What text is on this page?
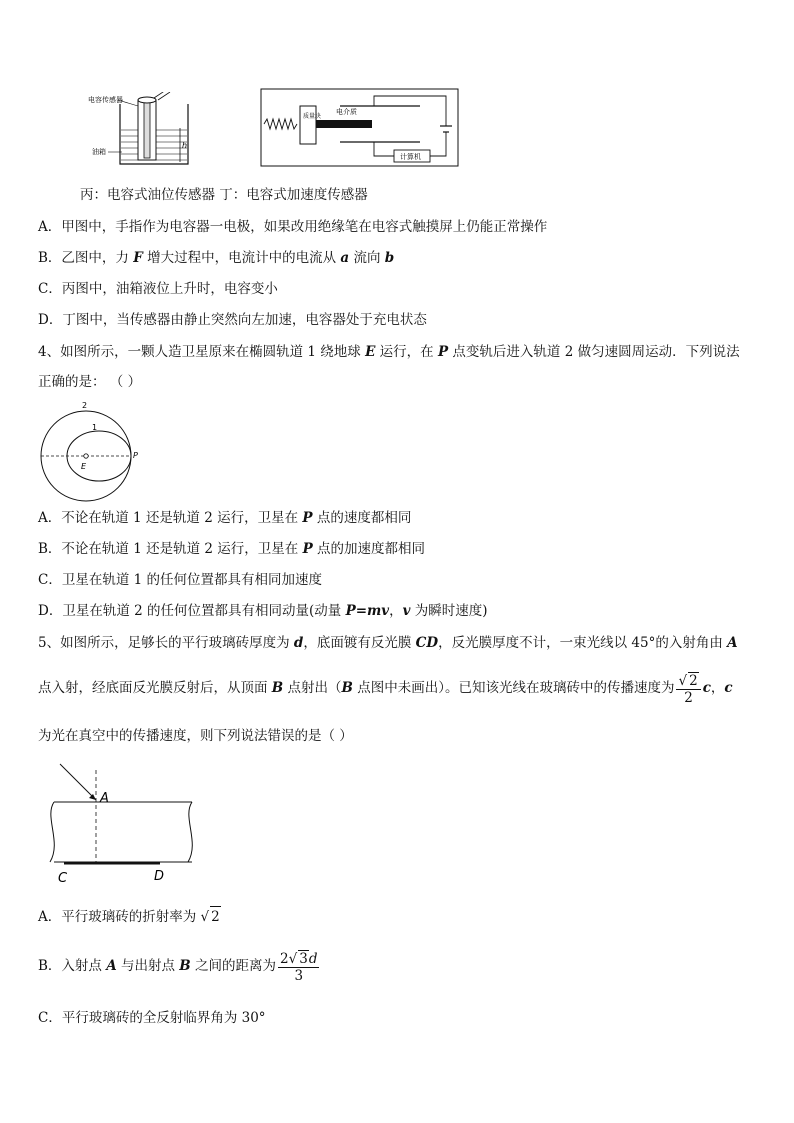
h
电容传感器
油箱
质量块
电介质
计算机
丙：电容式油位传感器 丁：电容式加速度传感器
A．甲图中，手指作为电容器一电极，如果改用绝缘笔在电容式触摸屏上仍能正常操作
B．乙图中，力 F 增大过程中，电流计中的电流从 a 流向 b
C．丙图中，油箱液位上升时，电容变小
D．丁图中，当传感器由静止突然向左加速，电容器处于充电状态
4、如图所示，一颗人造卫星原来在椭圆轨道 1 绕地球 E 运行，在 P 点变轨后进入轨道 2 做匀速圆周运动．下列说法
正确的是： （ ）
2
1
E
P
A．不论在轨道 1 还是轨道 2 运行，卫星在 P 点的速度都相同
B．不论在轨道 1 还是轨道 2 运行，卫星在 P 点的加速度都相同
C．卫星在轨道 1 的任何位置都具有相同加速度
D．卫星在轨道 2 的任何位置都具有相同动量(动量 P=mv，v 为瞬时速度)
5、如图所示，足够长的平行玻璃砖厚度为 d，底面镀有反光膜 CD，反光膜厚度不计，一束光线以 45°的入射角由 A
点入射，经底面反光膜反射后，从顶面 B 点射出（B 点图中未画出）。已知该光线在玻璃砖中的传播速度为 $\frac{√ 2}{2}$ c，c
为光在真空中的传播速度，则下列说法错误的是（ ）
A
C	D
A．平行玻璃砖的折射率为 √ 2
B．入射点 A 与出射点 B 之间的距离为 $\frac{2√ 3d}{3}$
C．平行玻璃砖的全反射临界角为 30°
